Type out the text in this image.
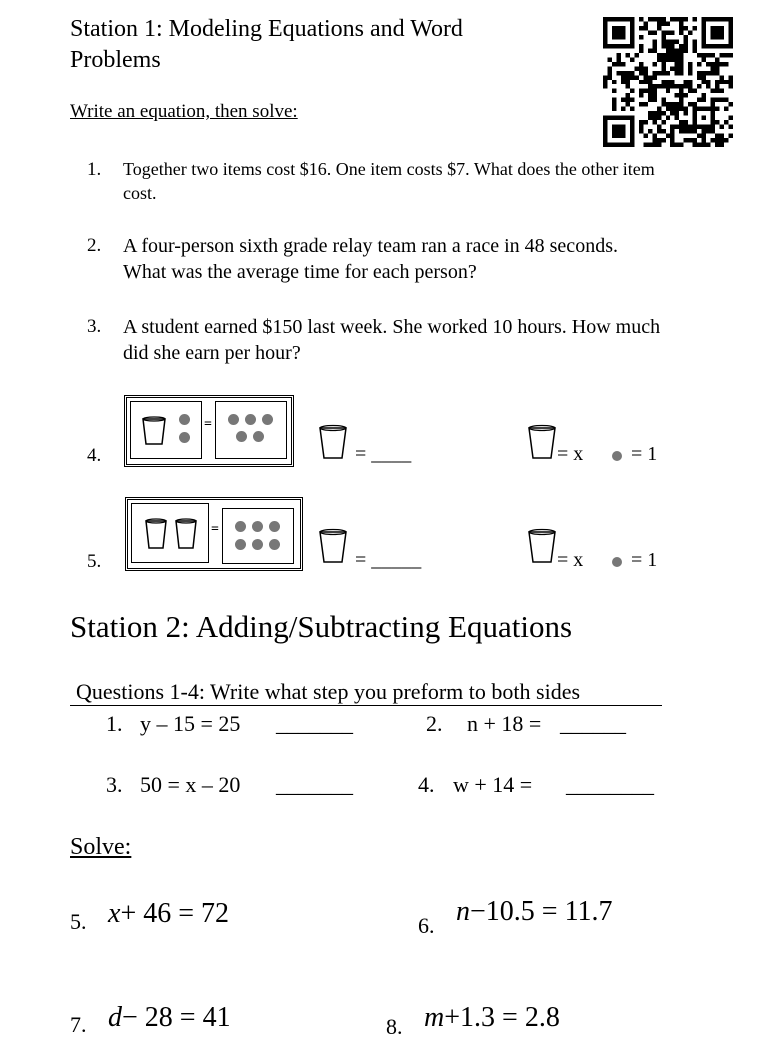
Station 1: Modeling Equations and Word Problems
Write an equation, then solve:
1. Together two items cost $16. One item costs $7. What does the other item cost.
2. A four-person sixth grade relay team ran a race in 48 seconds. What was the average time for each person?
3. A student earned $150 last week. She worked 10 hours. How much did she earn per hour?
4.
=
= ____	= x = 1
5.
=
= _____	= x = 1
Station 2: Adding/Subtracting Equations
Questions 1-4: Write what step you preform to both sides
1. y – 15 = 25 _______	2. n + 18 = ______
3. 50 = x – 20 _______	4. w + 14 = ________
Solve:
5. x+ 46 = 72	6. n−10.5 = 11.7
7. d− 28 = 41	8. m+1.3 = 2.8
